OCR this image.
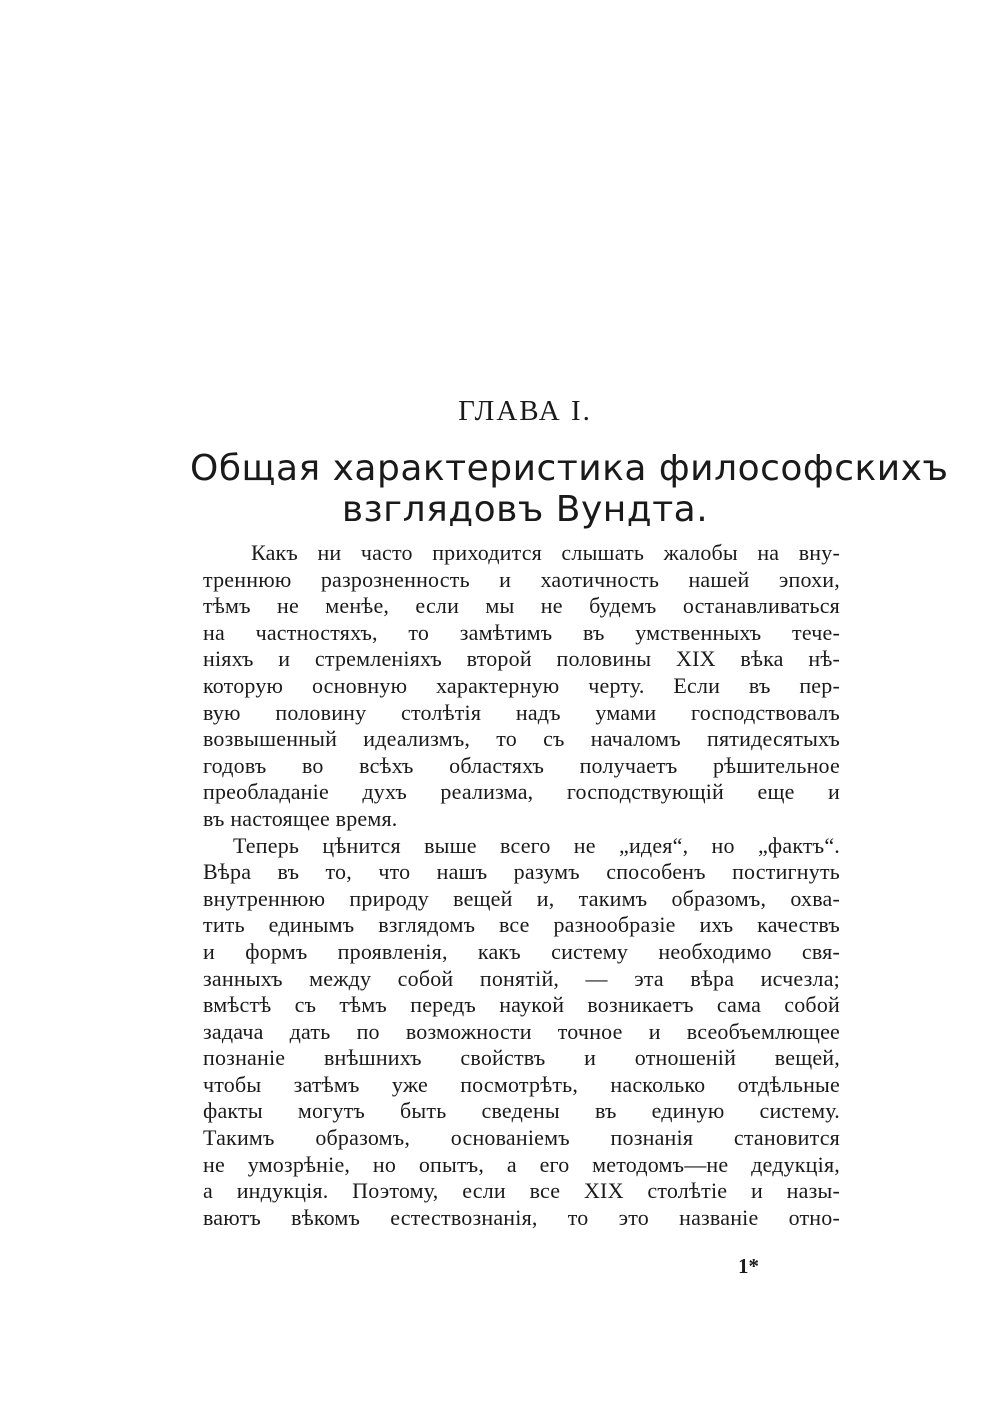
ГЛАВА I.
Общая характеристика философскихъ
взглядовъ Вундта.
Какъ ни часто приходится слышать жалобы на вну-
треннюю разрозненность и хаотичность нашей эпохи,
тѣмъ не менѣе, если мы не будемъ останавливаться
на частностяхъ, то замѣтимъ въ умственныхъ тече-
ніяхъ и стремленіяхъ второй половины XIX вѣка нѣ-
которую основную характерную черту. Если въ пер-
вую половину столѣтія надъ умами господствовалъ
возвышенный идеализмъ, то съ началомъ пятидесятыхъ
годовъ во всѣхъ областяхъ получаетъ рѣшительное
преобладаніе духъ реализма, господствующій еще и
въ настоящее время.
Теперь цѣнится выше всего не „идея“, но „фактъ“.
Вѣра въ то, что нашъ разумъ способенъ постигнуть
внутреннюю природу вещей и, такимъ образомъ, охва-
тить единымъ взглядомъ все разнообразіе ихъ качествъ
и формъ проявленія, какъ систему необходимо свя-
занныхъ между собой понятій, — эта вѣра исчезла;
вмѣстѣ съ тѣмъ передъ наукой возникаетъ сама собой
задача дать по возможности точное и всеобъемлющее
познаніе внѣшнихъ свойствъ и отношеній вещей,
чтобы затѣмъ уже посмотрѣть, насколько отдѣльные
факты могутъ быть сведены въ единую систему.
Такимъ образомъ, основаніемъ познанія становится
не умозрѣніе, но опытъ, а его методомъ—не дедукція,
а индукція. Поэтому, если все XIX столѣтіе и назы-
ваютъ вѣкомъ естествознанія, то это названіе отно-
1*
